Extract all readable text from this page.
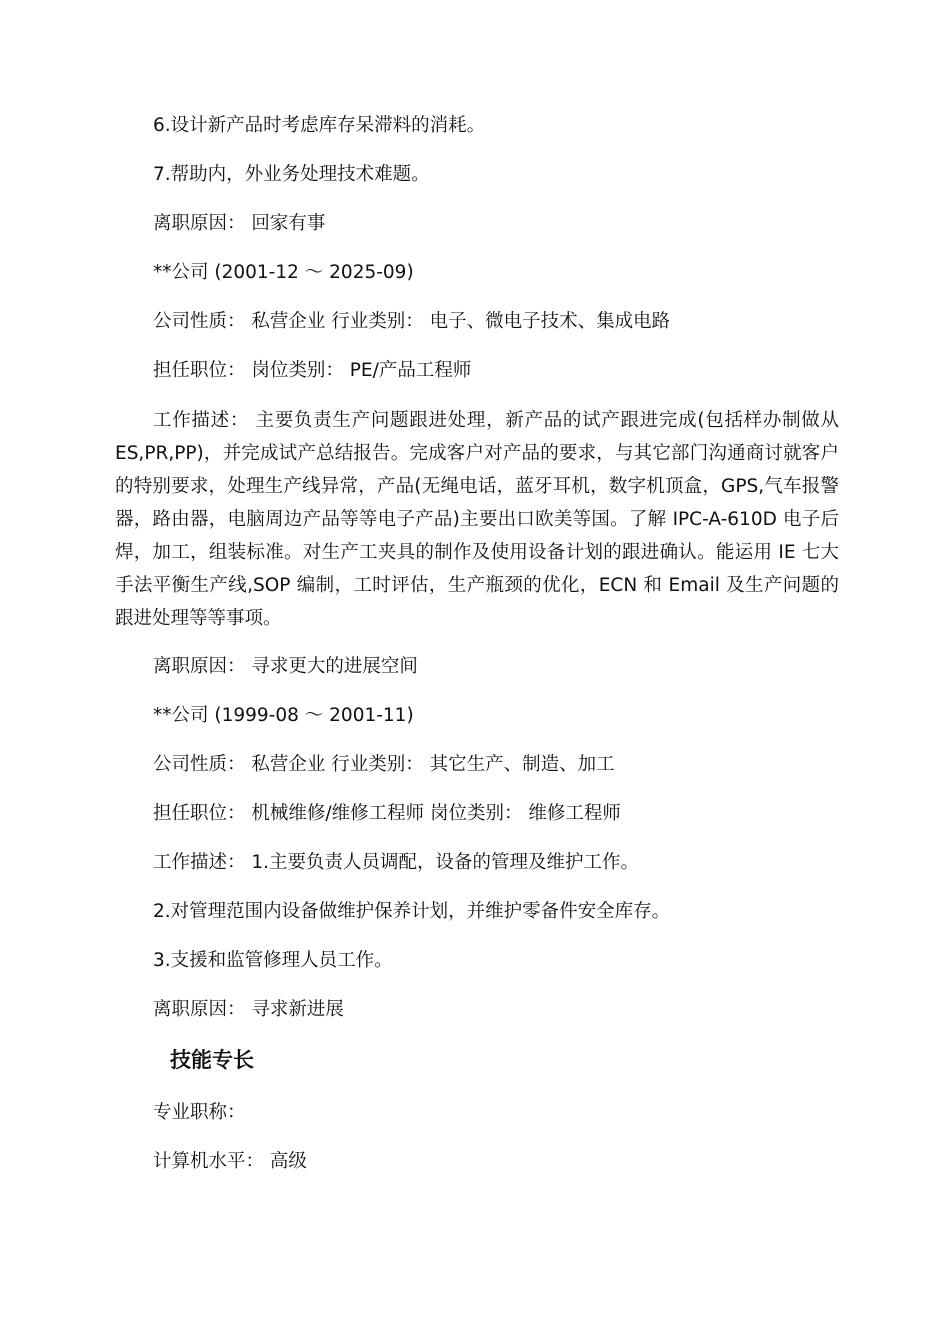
6.设计新产品时考虑库存呆滞料的消耗。

7.帮助内，外业务处理技术难题。

离职原因： 回家有事

**公司 (2001-12 ～ 2025-09)

公司性质： 私营企业 行业类别： 电子、微电子技术、集成电路

担任职位： 岗位类别： PE/产品工程师

工作描述： 主要负责生产问题跟进处理，新产品的试产跟进完成(包括样办制做从 ES,PR,PP)，并完成试产总结报告。完成客户对产品的要求，与其它部门沟通商讨就客户的特别要求，处理生产线异常，产品(无绳电话，蓝牙耳机，数字机顶盒，GPS,气车报警器，路由器，电脑周边产品等等电子产品)主要出口欧美等国。了解 IPC-A-610D 电子后焊，加工，组装标准。对生产工夹具的制作及使用设备计划的跟进确认。能运用 IE 七大手法平衡生产线,SOP 编制，工时评估，生产瓶颈的优化，ECN 和 Email 及生产问题的跟进处理等等事项。

离职原因： 寻求更大的进展空间

**公司 (1999-08 ～ 2001-11)

公司性质： 私营企业 行业类别： 其它生产、制造、加工

担任职位： 机械维修/维修工程师 岗位类别： 维修工程师

工作描述： 1.主要负责人员调配，设备的管理及维护工作。

2.对管理范围内设备做维护保养计划，并维护零备件安全库存。

3.支援和监管修理人员工作。

离职原因： 寻求新进展

技能专长

专业职称：

计算机水平： 高级
